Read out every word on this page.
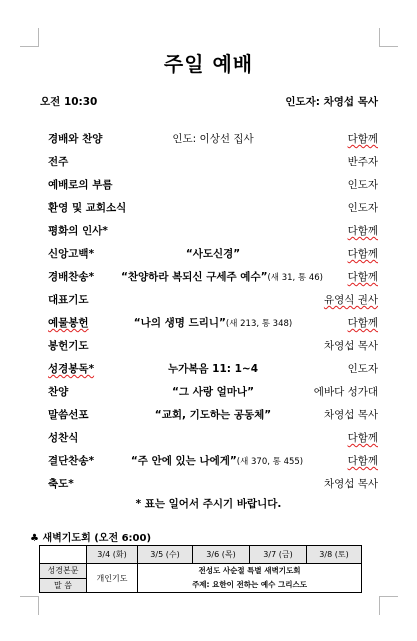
주일 예배
오전 10:30	인도자: 차영섭 목사
경배와 찬양	인도: 이상선 집사	다함께
전주	반주자
예배로의 부름	인도자
환영 및 교회소식	인도자
평화의 인사*	다함께
신앙고백*	“사도신경”	다함께
경배찬송*	“찬양하라 복되신 구세주 예수”(새 31, 통 46)	다함께
대표기도	유영식 권사
예물봉헌	“나의 생명 드리니”(새 213, 통 348)	다함께
봉헌기도	차영섭 목사
성경봉독*	누가복음 11: 1~4	인도자
찬양	“그 사랑 얼마나”	에바다 성가대
말씀선포	“교회, 기도하는 공동체”	차영섭 목사
성찬식	다함께
결단찬송*	“주 안에 있는 나에게”(새 370, 통 455)	다함께
축도*	차영섭 목사
* 표는 일어서 주시기 바랍니다.
♣ 새벽기도회 (오전 6:00)
	3/4 (화)	3/5 (수)	3/6 (목)	3/7 (금)	3/8 (토)
성경본문	개인기도	전성도 사순절 특별 새벽기도회
주제: 요한이 전하는 예수 그리스도			

말 씀					
